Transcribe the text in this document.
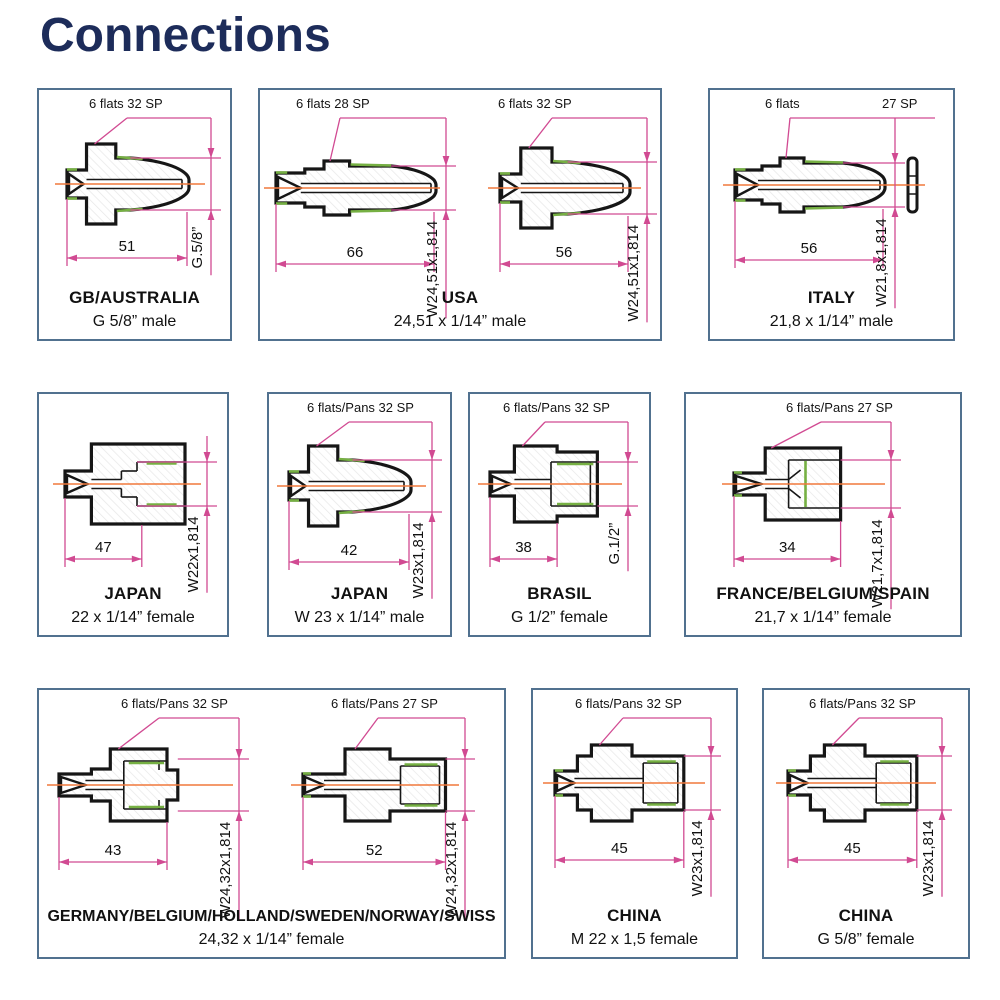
Connections
51	G.5/8”
6 flats 32 SP
GB/AUSTRALIA
G 5/8” male
66	W24,51x1,814	56	W24,51x1,814
6 flats 28 SP	6 flats 32 SP
USA
24,51 x 1/14” male
56	W21,8x1,814
6 flats	27 SP
ITALY
21,8 x 1/14” male
47	W22x1,814
JAPAN
22 x 1/14” female
42	W23x1,814
6 flats/Pans 32 SP
JAPAN
W 23 x 1/14” male
38	G.1/2”
6 flats/Pans 32 SP
BRASIL
G 1/2” female
34	W21,7x1,814
6 flats/Pans 27 SP
FRANCE/BELGIUM/SPAIN
21,7 x 1/14” female
43	W24,32x1,814	52	W24,32x1,814
6 flats/Pans 32 SP	6 flats/Pans 27 SP
GERMANY/BELGIUM/HOLLAND/SWEDEN/NORWAY/SWISS
24,32 x 1/14” female
45	W23x1,814
6 flats/Pans 32 SP
CHINA
M 22 x 1,5 female
45	W23x1,814
6 flats/Pans 32 SP
CHINA
G 5/8” female
